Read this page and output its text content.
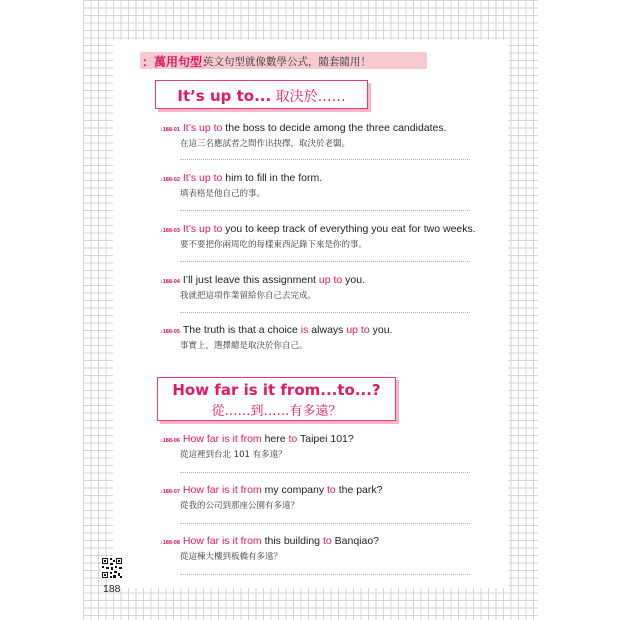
：萬用句型：
英文句型就像數學公式，隨套隨用！
It’s up to... 取決於……
How far is it from...to...?
從……到……有多遠？
♪188-01 It’s up to the boss to decide among the three candidates.
在這三名應試者之間作出抉擇，取決於老闆。
♪188-02 It’s up to him to fill in the form.
填表格是他自己的事。
♪188-03 It’s up to you to keep track of everything you eat for two weeks.
要不要把你兩周吃的每樣東西記錄下來是你的事。
♪188-04 I’ll just leave this assignment up to you.
我就把這項作業留給你自己去完成。
♪188-05 The truth is that a choice is always up to you.
事實上，選擇總是取決於你自己。
♪188-06 How far is it from here to Taipei 101?
從這裡到台北 101 有多遠？
♪188-07 How far is it from my company to the park?
從我的公司到那座公園有多遠？
♪188-08 How far is it from this building to Banqiao?
從這棟大樓到板橋有多遠？
188
